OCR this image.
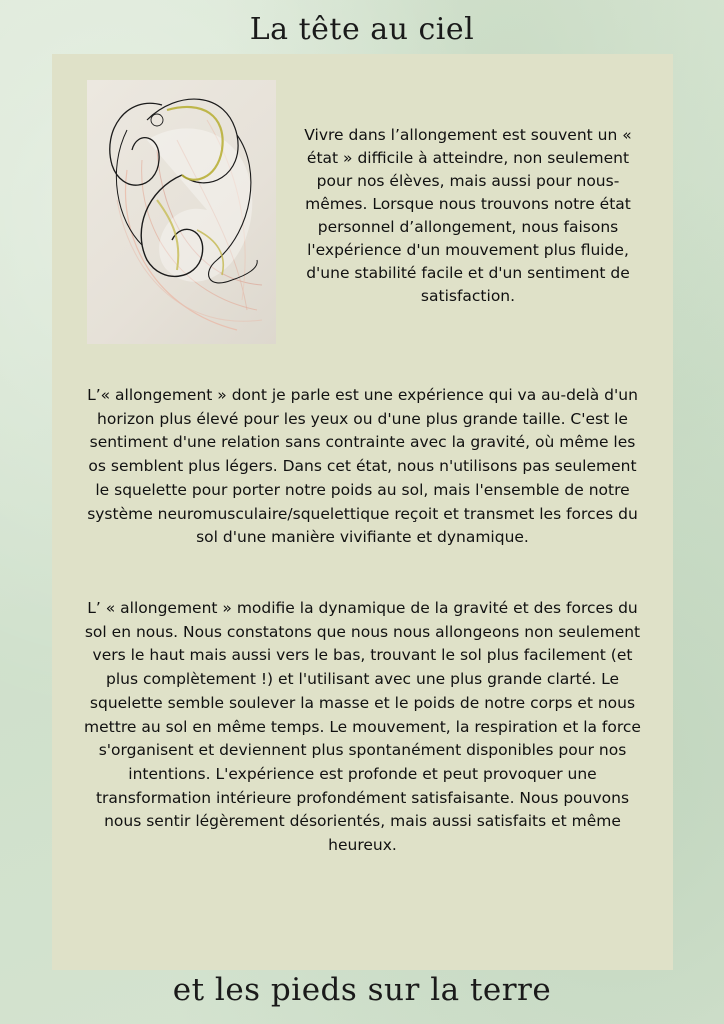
La tête au ciel

Vivre dans l’allongement est souvent un « état » difficile à atteindre, non seulement pour nos élèves, mais aussi pour nous-mêmes. Lorsque nous trouvons notre état personnel d’allongement, nous faisons l'expérience d'un mouvement plus fluide, d'une stabilité facile et d'un sentiment de satisfaction.

L’« allongement » dont je parle est une expérience qui va au-delà d'un horizon plus élevé pour les yeux ou d'une plus grande taille. C'est le sentiment d'une relation sans contrainte avec la gravité, où même les os semblent plus légers. Dans cet état, nous n'utilisons pas seulement le squelette pour porter notre poids au sol, mais l'ensemble de notre système neuromusculaire/squelettique reçoit et transmet les forces du sol d'une manière vivifiante et dynamique.

L’ « allongement » modifie la dynamique de la gravité et des forces du sol en nous. Nous constatons que nous nous allongeons non seulement vers le haut mais aussi vers le bas, trouvant le sol plus facilement (et plus complètement !) et l'utilisant avec une plus grande clarté. Le squelette semble soulever la masse et le poids de notre corps et nous mettre au sol en même temps. Le mouvement, la respiration et la force s'organisent et deviennent plus spontanément disponibles pour nos intentions. L'expérience est profonde et peut provoquer une transformation intérieure profondément satisfaisante. Nous pouvons nous sentir légèrement désorientés, mais aussi satisfaits et même heureux.

et les pieds sur la terre
